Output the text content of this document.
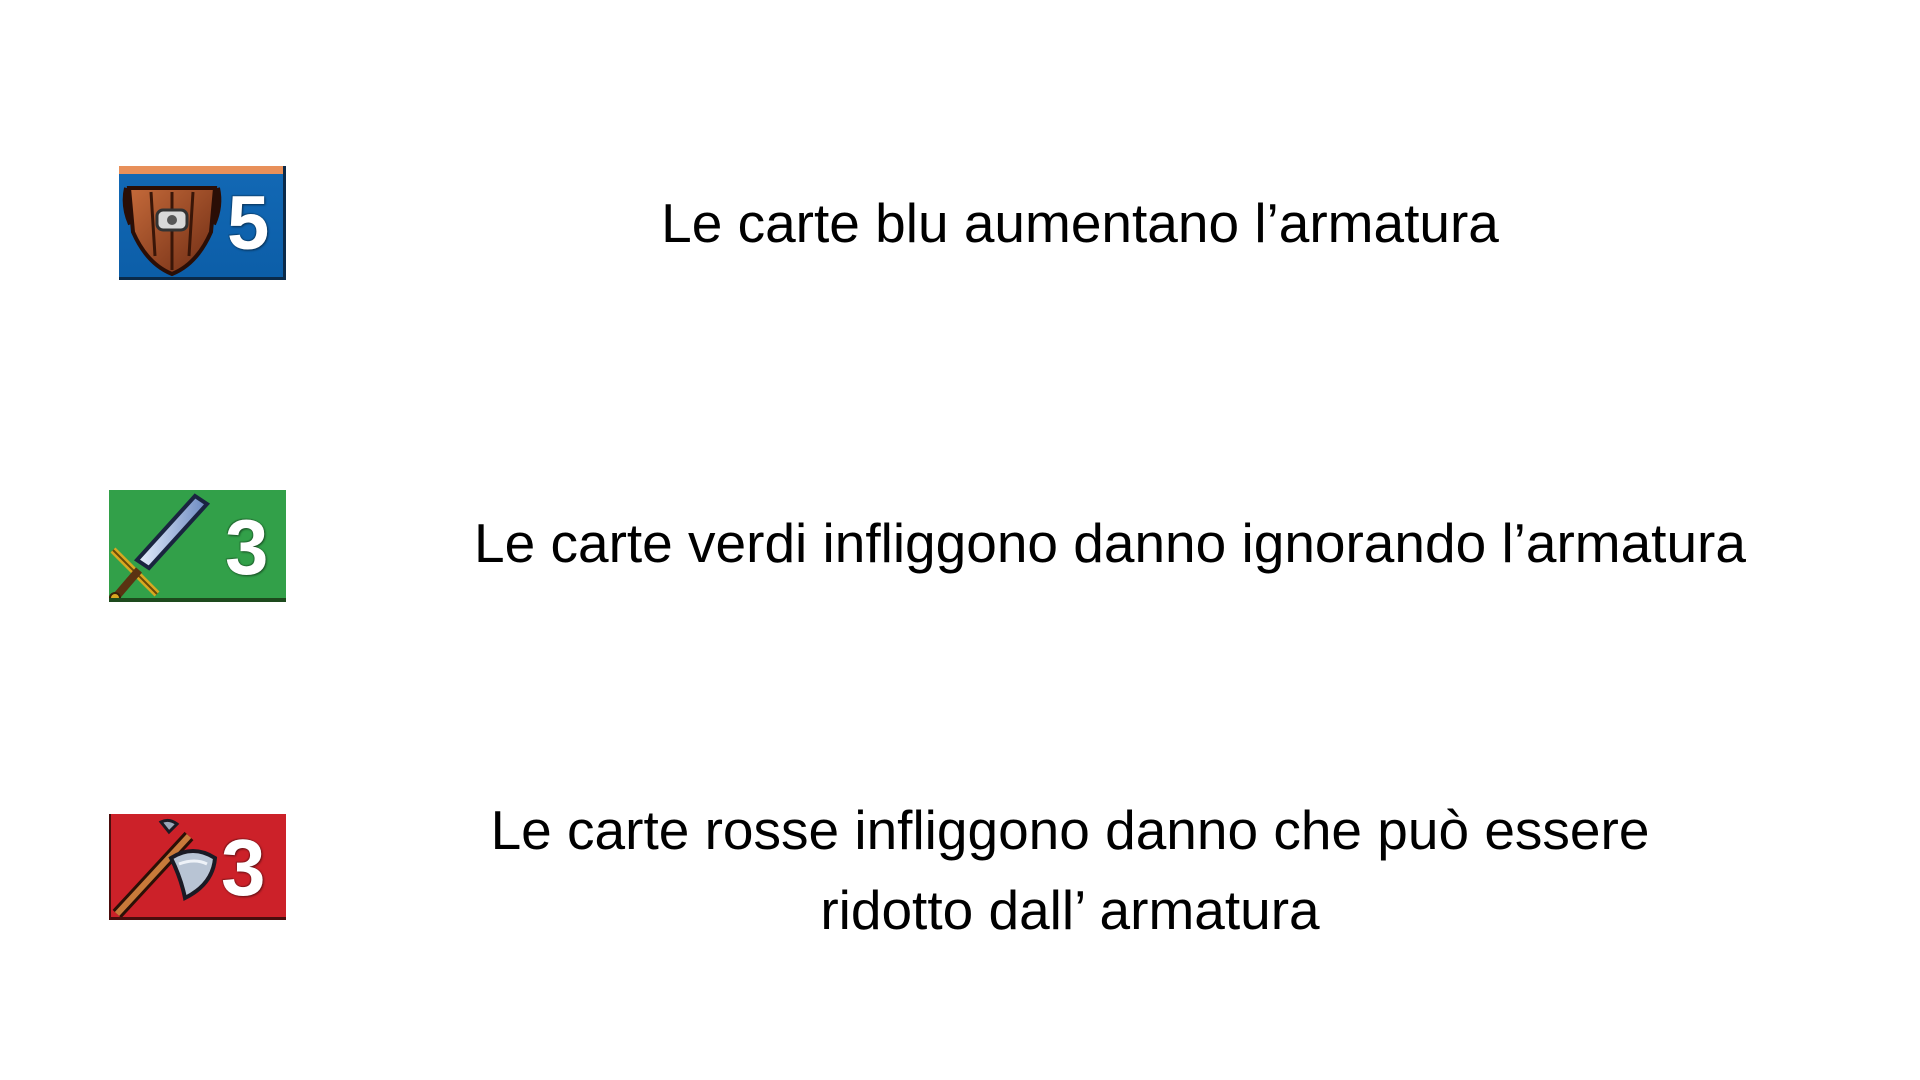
5	Le carte blu aumentano l’armatura
3	Le carte verdi infliggono danno ignorando l’armatura
3	Le carte rosse infliggono danno che può essere
ridotto dall’ armatura
